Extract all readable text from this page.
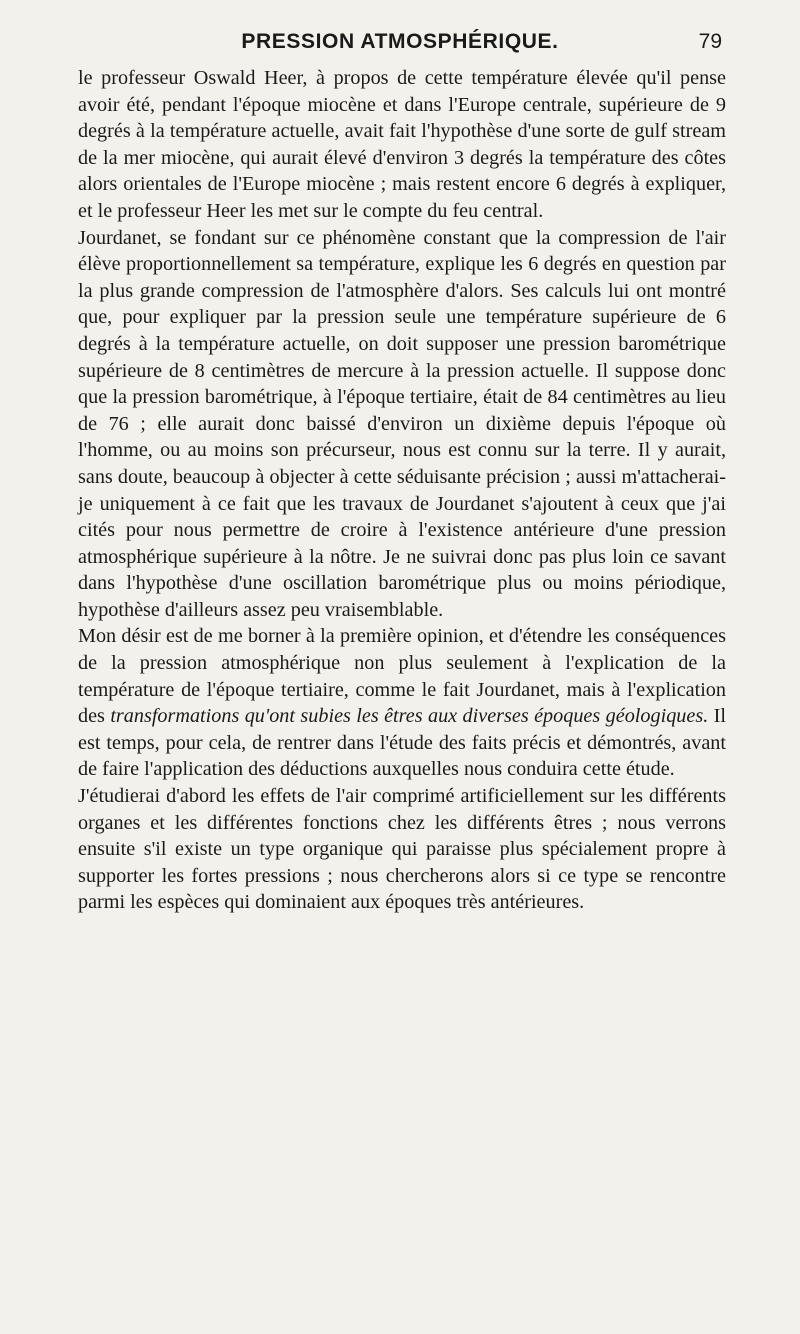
PRESSION ATMOSPHÉRIQUE.	79

le professeur Oswald Heer, à propos de cette température élevée qu'il pense avoir été, pendant l'époque miocène et dans l'Europe centrale, supérieure de 9 degrés à la température actuelle, avait fait l'hypothèse d'une sorte de gulf stream de la mer miocène, qui aurait élevé d'environ 3 degrés la température des côtes alors orientales de l'Europe miocène ; mais restent encore 6 degrés à expliquer, et le professeur Heer les met sur le compte du feu central.

Jourdanet, se fondant sur ce phénomène constant que la compression de l'air élève proportionnellement sa température, explique les 6 degrés en question par la plus grande compression de l'atmosphère d'alors. Ses calculs lui ont montré que, pour expliquer par la pression seule une température supérieure de 6 degrés à la température actuelle, on doit supposer une pression barométrique supérieure de 8 centimètres de mercure à la pression actuelle. Il suppose donc que la pression barométrique, à l'époque tertiaire, était de 84 centimètres au lieu de 76 ; elle aurait donc baissé d'environ un dixième depuis l'époque où l'homme, ou au moins son précurseur, nous est connu sur la terre. Il y aurait, sans doute, beaucoup à objecter à cette séduisante précision ; aussi m'attacherai-je uniquement à ce fait que les travaux de Jourdanet s'ajoutent à ceux que j'ai cités pour nous permettre de croire à l'existence antérieure d'une pression atmosphérique supérieure à la nôtre. Je ne suivrai donc pas plus loin ce savant dans l'hypothèse d'une oscillation barométrique plus ou moins périodique, hypothèse d'ailleurs assez peu vraisemblable.

Mon désir est de me borner à la première opinion, et d'étendre les conséquences de la pression atmosphérique non plus seulement à l'explication de la température de l'époque tertiaire, comme le fait Jourdanet, mais à l'explication des transformations qu'ont subies les êtres aux diverses époques géologiques. Il est temps, pour cela, de rentrer dans l'étude des faits précis et démontrés, avant de faire l'application des déductions auxquelles nous conduira cette étude.

J'étudierai d'abord les effets de l'air comprimé artificiellement sur les différents organes et les différentes fonctions chez les différents êtres ; nous verrons ensuite s'il existe un type organique qui paraisse plus spécialement propre à supporter les fortes pressions ; nous chercherons alors si ce type se rencontre parmi les espèces qui dominaient aux époques très antérieures.
